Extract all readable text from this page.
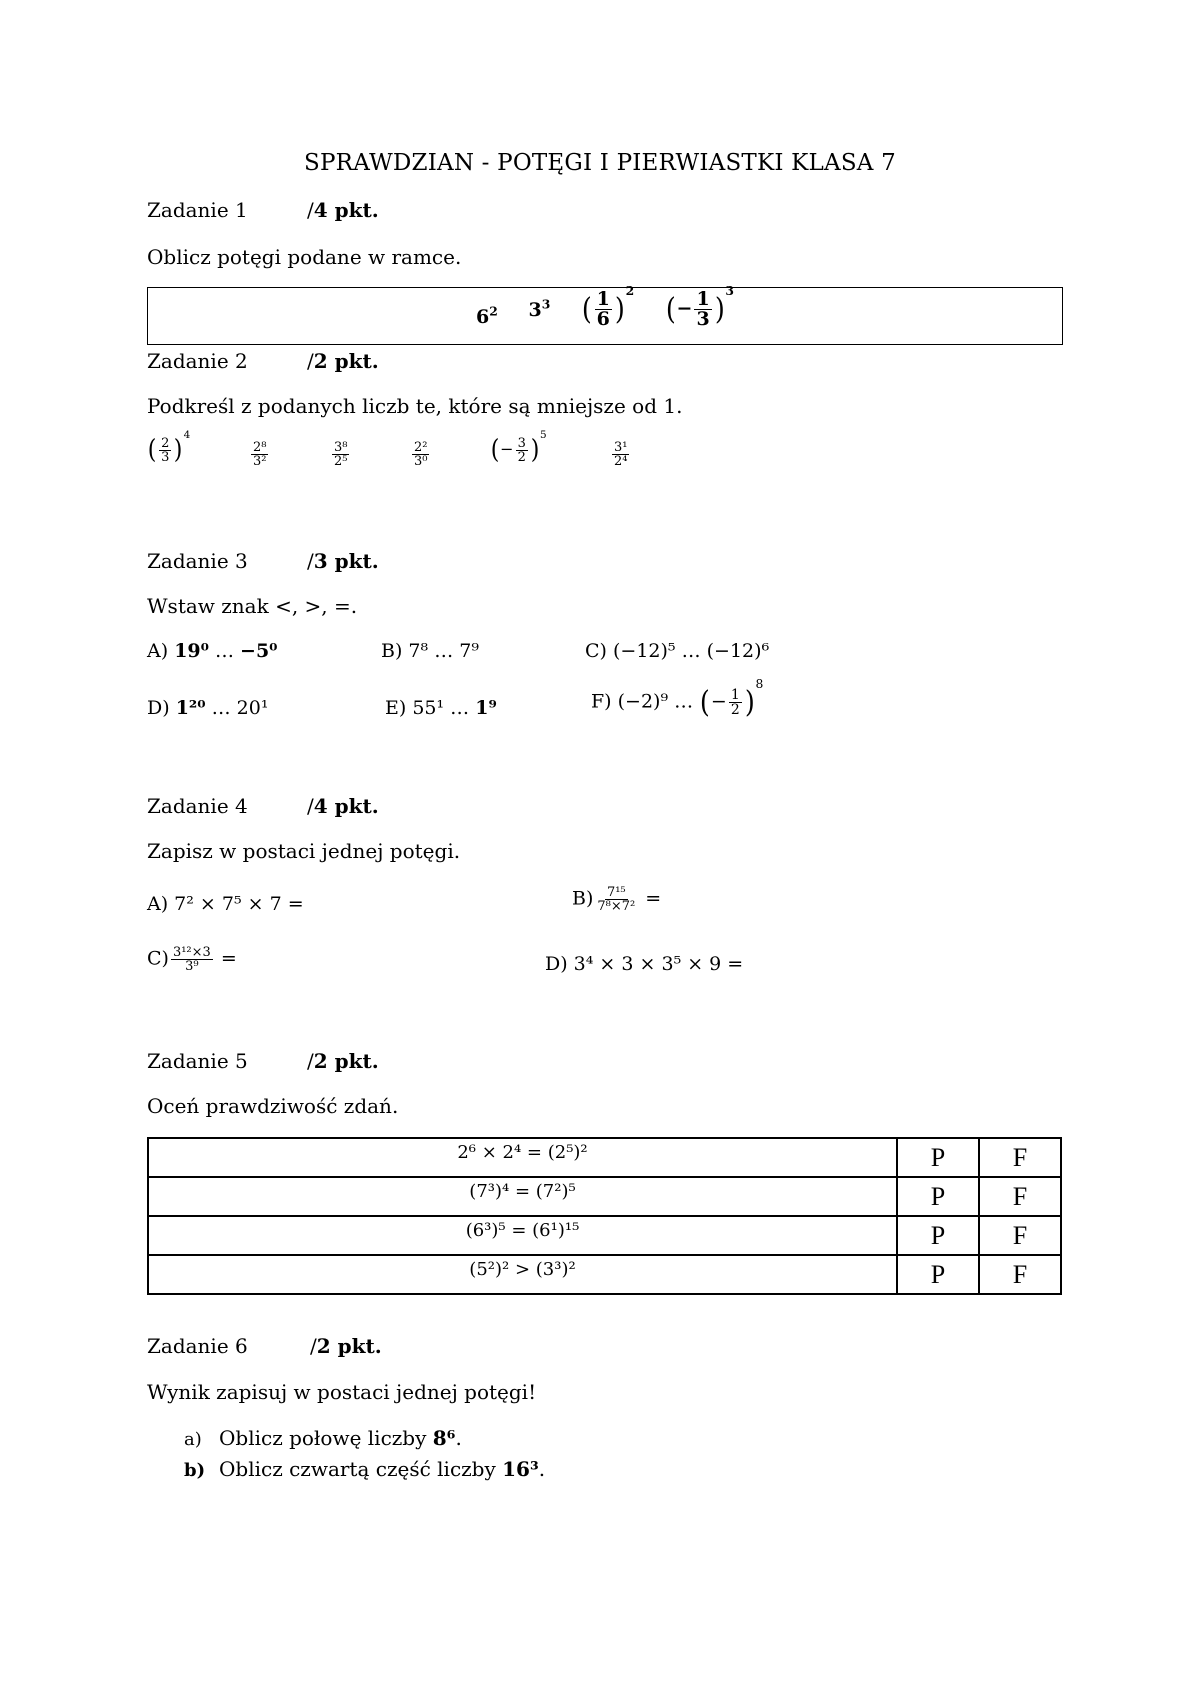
SPRAWDZIAN - POTĘGI I PIERWIASTKI KLASA 7
Zadanie 1	/4 pkt.
Oblicz potęgi podane w ramce.
$6^2$ $3^3$ ( $\frac{1}{6} )^2$ (− $\frac{1}{3} )^3$
Zadanie 2	/2 pkt.
Podkreśl z podanych liczb te, które są mniejsze od 1.
( $\frac{2}{3} )^4$
$\frac{\text{2⁸}}{\text{3²}}$	$\frac{\text{3⁸}}{\text{2⁵}}$	$\frac{\text{2²}}{\text{3⁰}}$ (− $\frac{3}{2} )^5$
$\frac{\text{3¹}}{\text{2⁴}}$
Zadanie 3	/3 pkt.
Wstaw znak <, >, =.
A) 19⁰ … −5⁰	B) 7⁸ … 7⁹	C) (−12)⁵ … (−12)⁶
D) 1²⁰ … 20¹	E) 55¹ … 1⁹	F) (−2)⁹ … (− $\frac{1}{2} )^8$
Zadanie 4	/4 pkt.
Zapisz w postaci jednej potęgi.
A) 7² × 7⁵ × 7 =	$B) \frac{\text{7¹⁵}}{\text{7⁸×7²}}$ =
$C) \frac{\text{3¹²×3}}{\text{3⁹}}$ =	D) 3⁴ × 3 × 3⁵ × 9 =
Zadanie 5	/2 pkt.
Oceń prawdziwość zdań.
2⁶ × 2⁴ = (2⁵)²	P	F
(7³)⁴ = (7²)⁵	P	F
(6³)⁵ = (6¹)¹⁵	P	F
(5²)² > (3³)²	P	F
Zadanie 6	/2 pkt.
Wynik zapisuj w postaci jednej potęgi!
a) Oblicz połowę liczby 8⁶.
b) Oblicz czwartą część liczby 16³.
